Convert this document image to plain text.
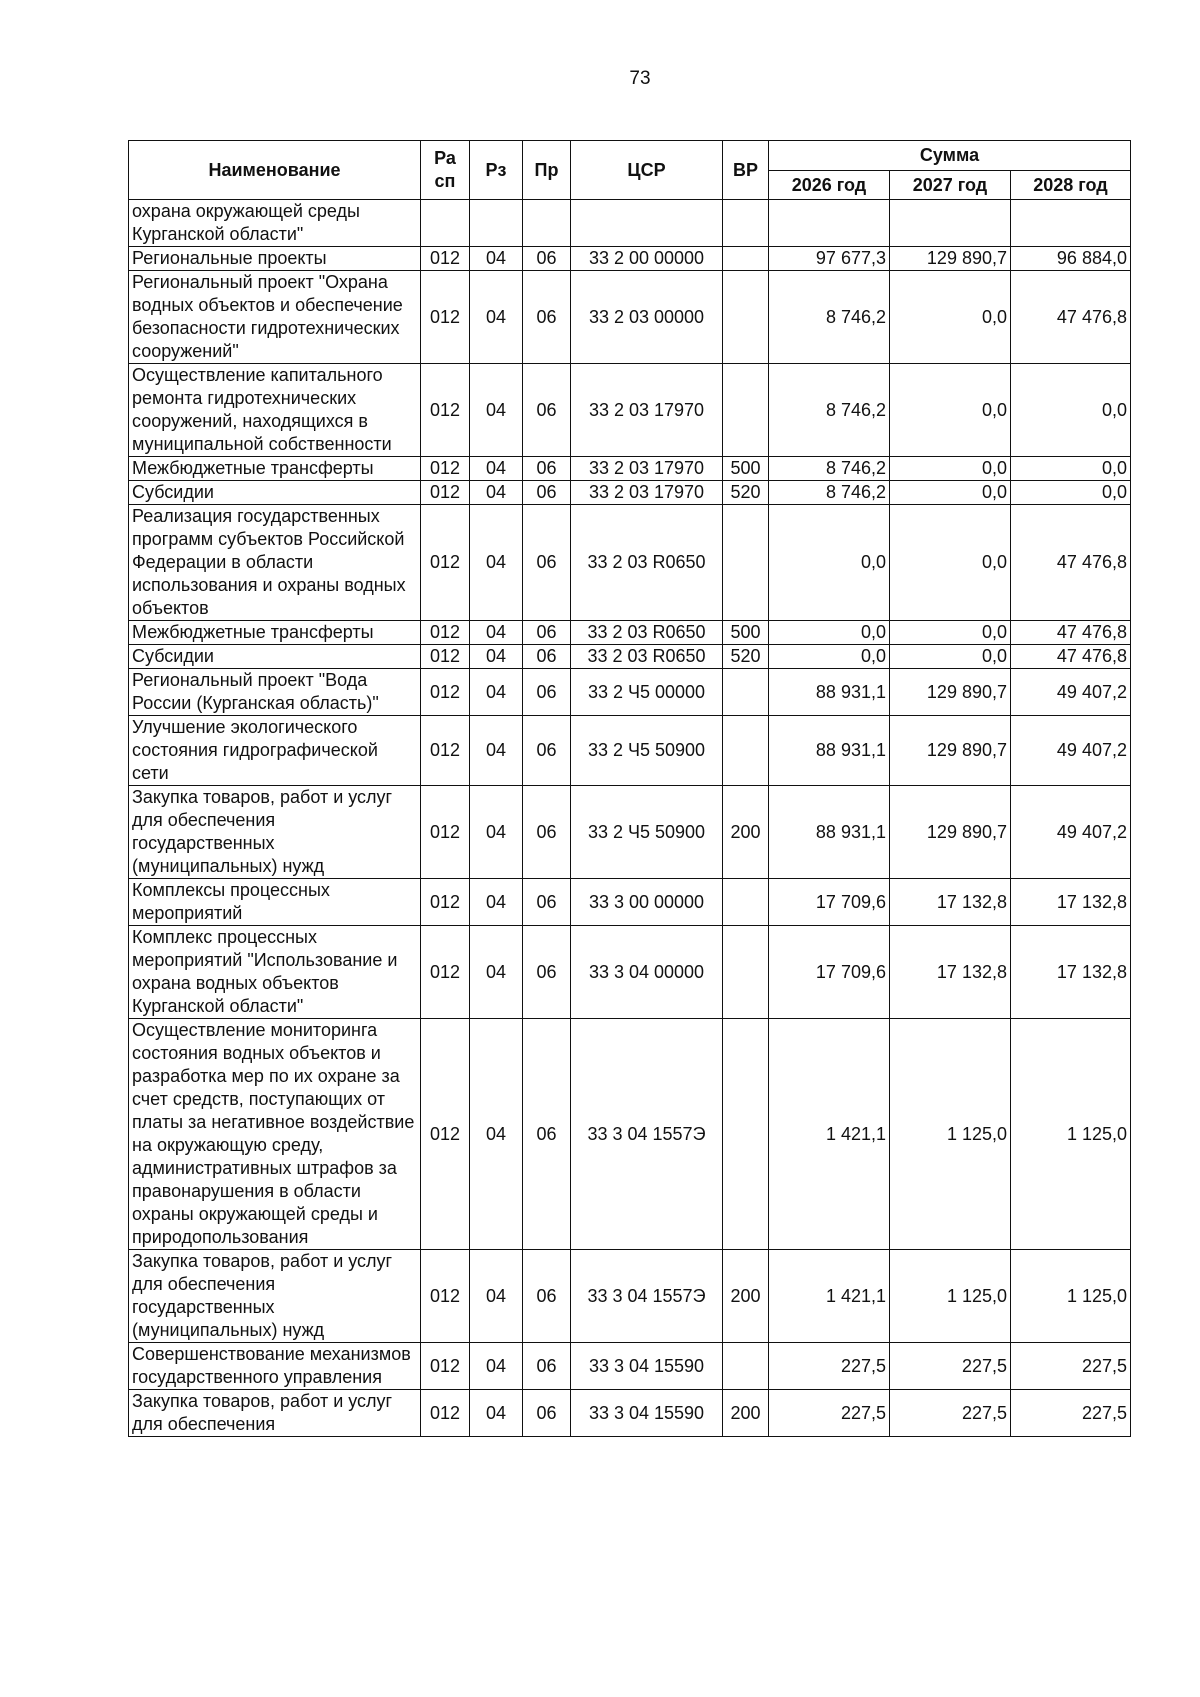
73
Наименование	Ра сп	Рз	Пр	ЦСР	ВР	Сумма		
						2026 год	2027 год	2028 год
охрана окружающей среды Курганской области"								
Региональные проекты	012	04	06	33 2 00 00000		97 677,3	129 890,7	96 884,0
Региональный проект "Охрана водных объектов и обеспечение безопасности гидротехнических сооружений"	012	04	06	33 2 03 00000		8 746,2	0,0	47 476,8
Осуществление капитального ремонта гидротехнических сооружений, находящихся в муниципальной собственности	012	04	06	33 2 03 17970		8 746,2	0,0	0,0
Межбюджетные трансферты	012	04	06	33 2 03 17970	500	8 746,2	0,0	0,0
Субсидии	012	04	06	33 2 03 17970	520	8 746,2	0,0	0,0
Реализация государственных программ субъектов Российской Федерации в области использования и охраны водных объектов	012	04	06	33 2 03 R0650		0,0	0,0	47 476,8
Межбюджетные трансферты	012	04	06	33 2 03 R0650	500	0,0	0,0	47 476,8
Субсидии	012	04	06	33 2 03 R0650	520	0,0	0,0	47 476,8
Региональный проект "Вода России (Курганская область)"	012	04	06	33 2 Ч5 00000		88 931,1	129 890,7	49 407,2
Улучшение экологического состояния гидрографической сети	012	04	06	33 2 Ч5 50900		88 931,1	129 890,7	49 407,2
Закупка товаров, работ и услуг для обеспечения государственных (муниципальных) нужд	012	04	06	33 2 Ч5 50900	200	88 931,1	129 890,7	49 407,2
Комплексы процессных мероприятий	012	04	06	33 3 00 00000		17 709,6	17 132,8	17 132,8
Комплекс процессных мероприятий "Использование и охрана водных объектов Курганской области"	012	04	06	33 3 04 00000		17 709,6	17 132,8	17 132,8
Осуществление мониторинга состояния водных объектов и разработка мер по их охране за счет средств, поступающих от платы за негативное воздействие на окружающую среду, административных штрафов за правонарушения в области охраны окружающей среды и природопользования	012	04	06	33 3 04 1557Э		1 421,1	1 125,0	1 125,0
Закупка товаров, работ и услуг для обеспечения государственных (муниципальных) нужд	012	04	06	33 3 04 1557Э	200	1 421,1	1 125,0	1 125,0
Совершенствование механизмов государственного управления	012	04	06	33 3 04 15590		227,5	227,5	227,5
Закупка товаров, работ и услуг для обеспечения	012	04	06	33 3 04 15590	200	227,5	227,5	227,5
